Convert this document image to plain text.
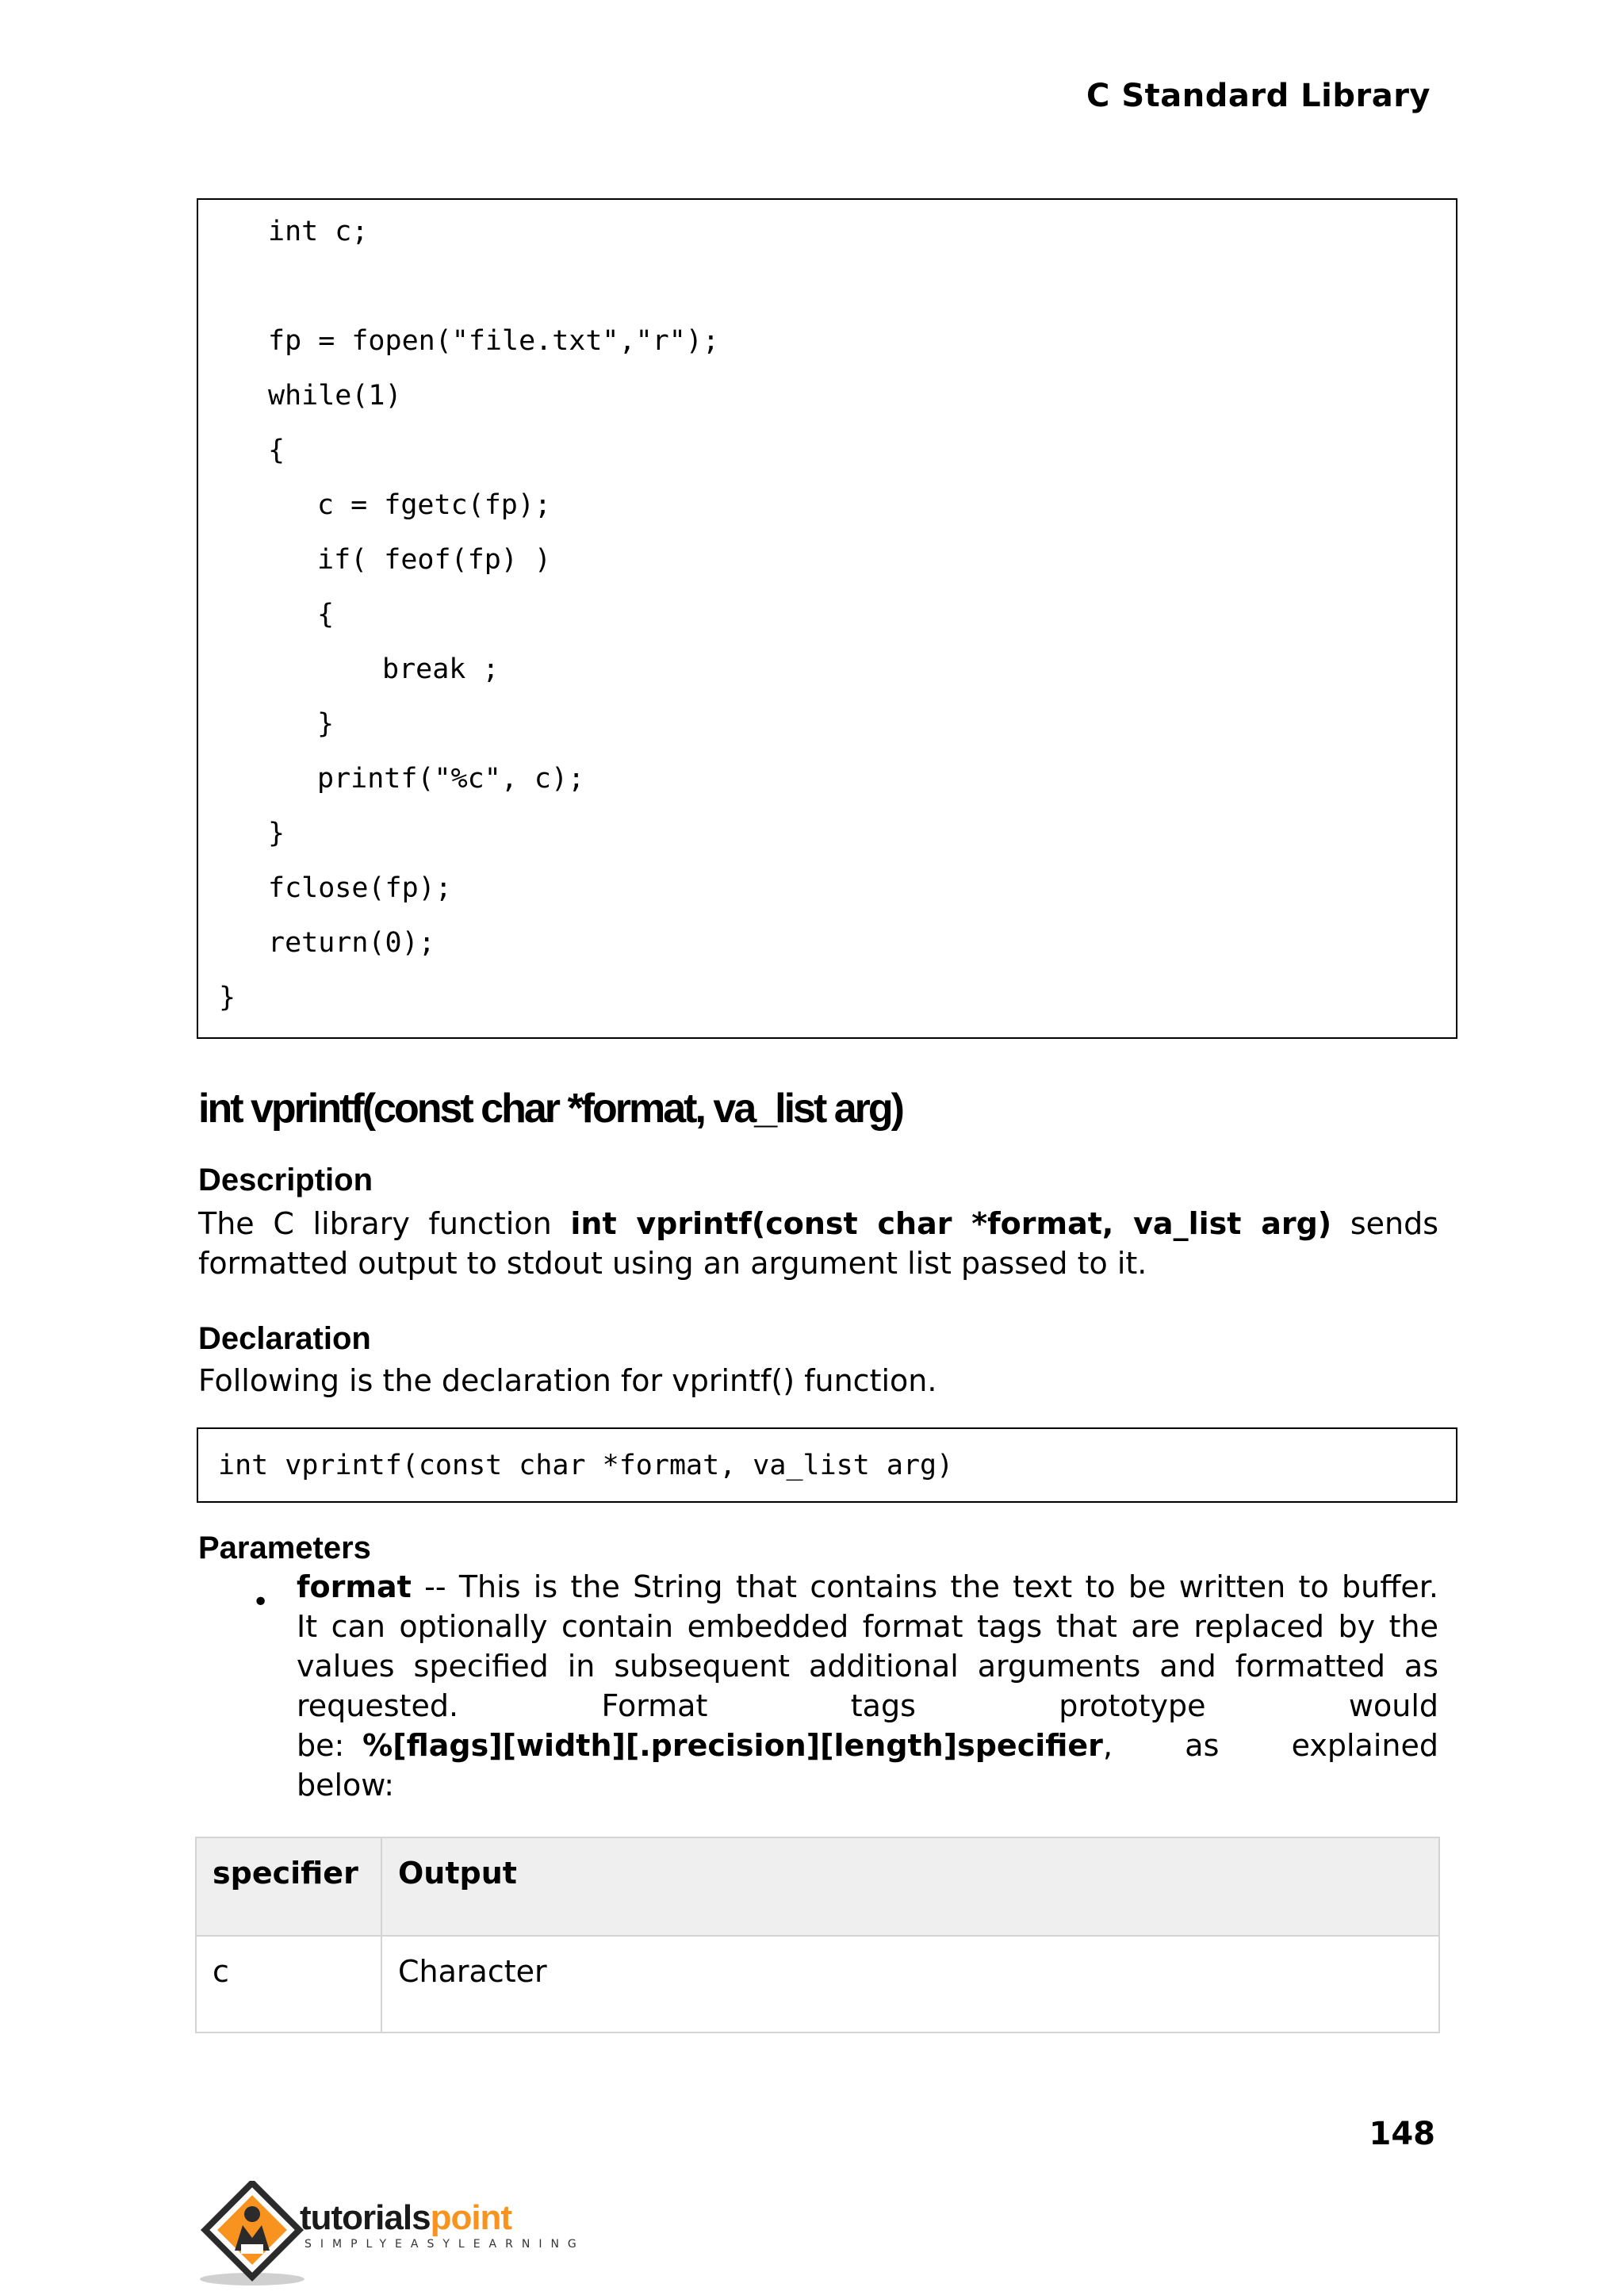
C Standard Library
int c;
fp = fopen("file.txt","r");
while(1)
{
c = fgetc(fp);
if( feof(fp) )
{
break ;
}
printf("%c", c);
}
fclose(fp);
return(0);
}
int vprintf(const char *format, va_list arg)
Description
The C library function int vprintf(const char *format, va_list arg) sends
formatted output to stdout using an argument list passed to it.
Declaration
Following is the declaration for vprintf() function.
int vprintf(const char *format, va_list arg)
Parameters
• format -- This is the String that contains the text to be written to buffer.
It can optionally contain embedded format tags that are replaced by the
values specified in subsequent additional arguments and formatted as
requested.        Format        tags        prototype        would
be: %[flags][width][.precision][length]specifier,    as    explained
below:
specifier	Output
c	Character
148
tutorialspoint
SIMPLYEASYLEARNING
